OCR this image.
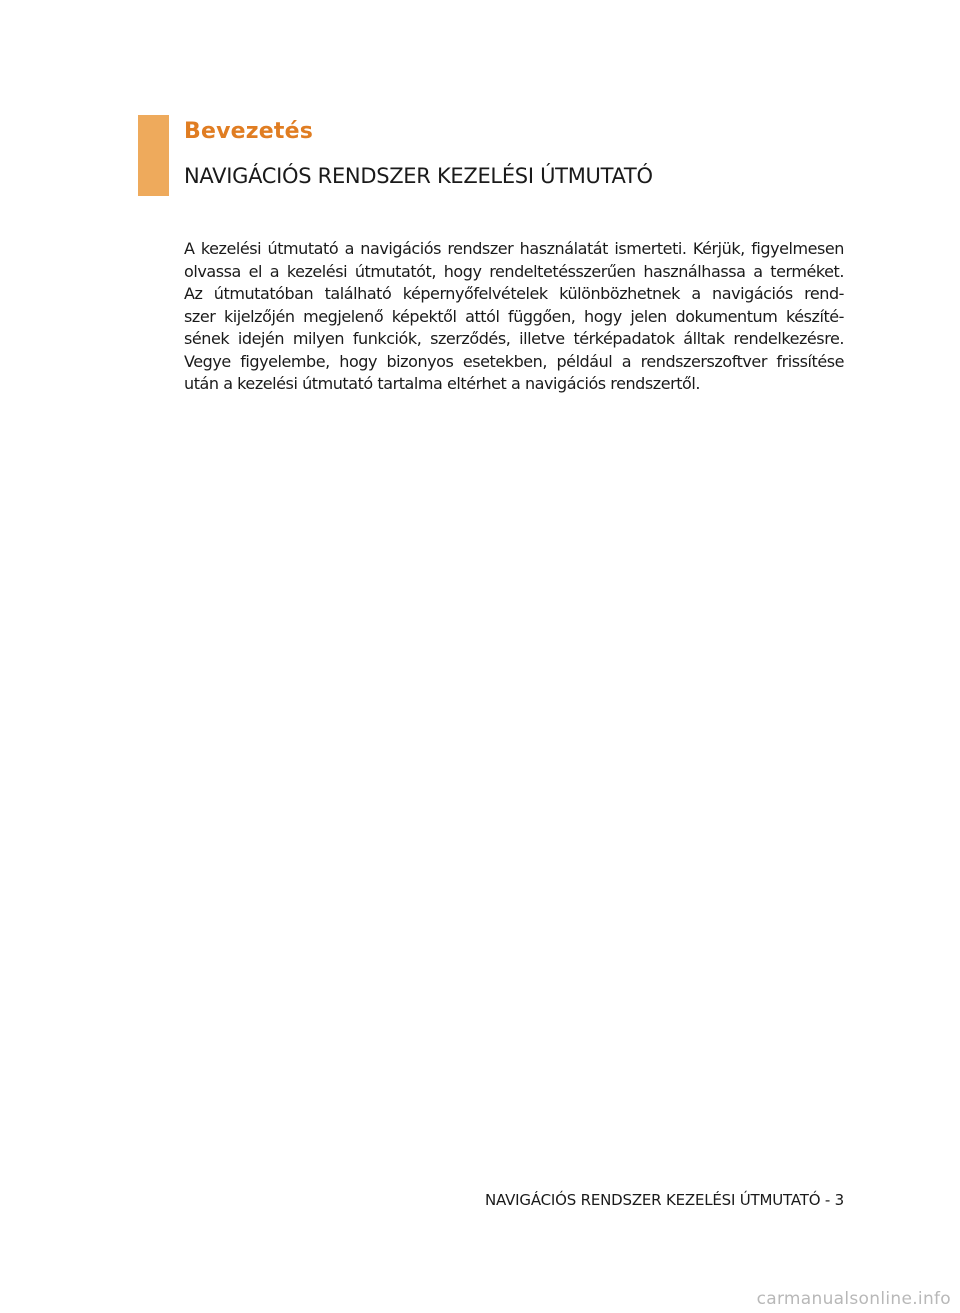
Bevezetés
NAVIGÁCIÓS RENDSZER KEZELÉSI ÚTMUTATÓ
A kezelési útmutató a navigációs rendszer használatát ismerteti. Kérjük, figyelmesen
olvassa el a kezelési útmutatót, hogy rendeltetésszerűen használhassa a terméket.
Az útmutatóban található képernyőfelvételek különbözhetnek a navigációs rend-
szer kijelzőjén megjelenő képektől attól függően, hogy jelen dokumentum készíté-
sének idején milyen funkciók, szerződés, illetve térképadatok álltak rendelkezésre.
Vegye figyelembe, hogy bizonyos esetekben, például a rendszerszoftver frissítése
után a kezelési útmutató tartalma eltérhet a navigációs rendszertől.
NAVIGÁCIÓS RENDSZER KEZELÉSI ÚTMUTATÓ - 3
carmanualsonline.info
